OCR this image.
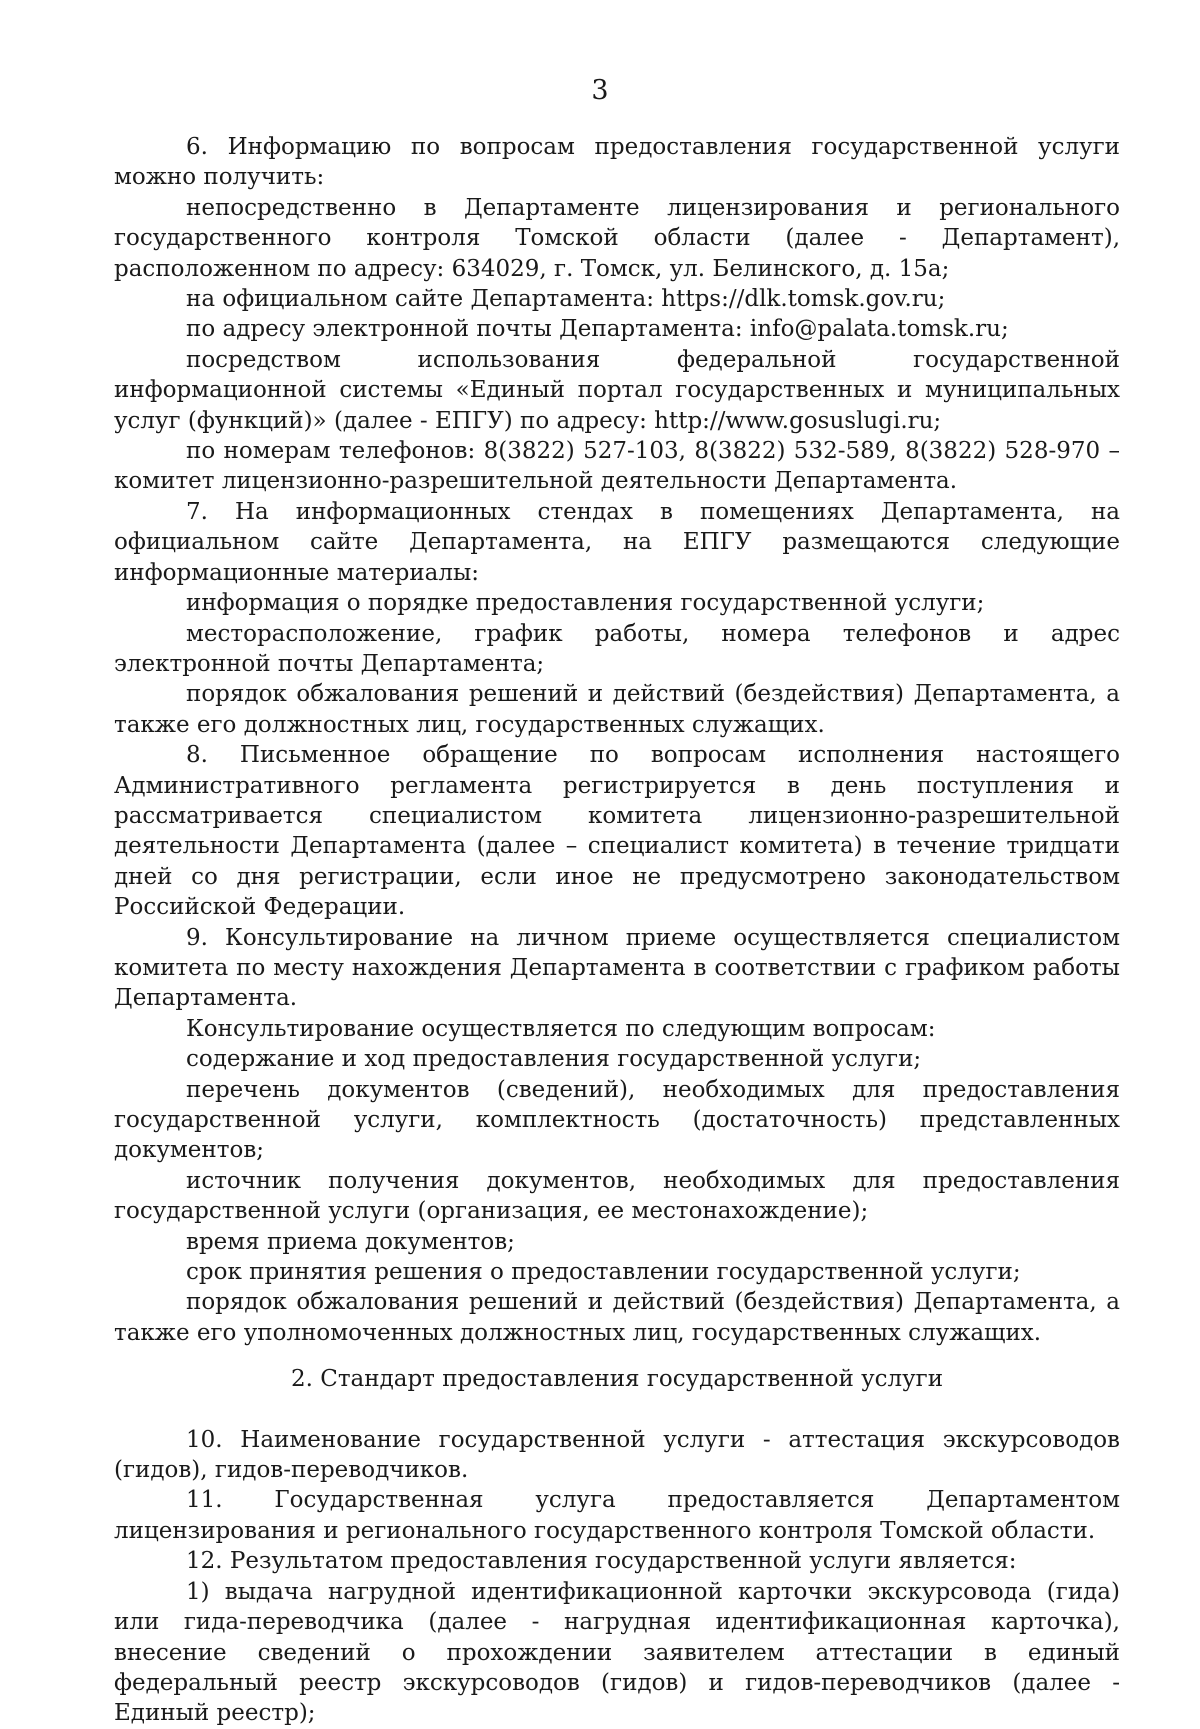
3

6. Информацию по вопросам предоставления государственной услуги можно получить:

непосредственно в Департаменте лицензирования и регионального государственного контроля Томской области (далее - Департамент), расположенном по адресу: 634029, г. Томск, ул. Белинского, д. 15а;

на официальном сайте Департамента: https://dlk.tomsk.gov.ru;

по адресу электронной почты Департамента: info@palata.tomsk.ru;

посредством использования федеральной государственной информационной системы «Единый портал государственных и муниципальных услуг (функций)» (далее - ЕПГУ) по адресу: http://www.gosuslugi.ru;

по номерам телефонов: 8(3822) 527-103, 8(3822) 532-589, 8(3822) 528-970 – комитет лицензионно-разрешительной деятельности Департамента.

7. На информационных стендах в помещениях Департамента, на официальном сайте Департамента, на ЕПГУ размещаются следующие информационные материалы:

информация о порядке предоставления государственной услуги;

месторасположение, график работы, номера телефонов и адрес электронной почты Департамента;

порядок обжалования решений и действий (бездействия) Департамента, а также его должностных лиц, государственных служащих.

8. Письменное обращение по вопросам исполнения настоящего Административного регламента регистрируется в день поступления и рассматривается специалистом комитета лицензионно-разрешительной деятельности Департамента (далее – специалист комитета) в течение тридцати дней со дня регистрации, если иное не предусмотрено законодательством Российской Федерации.

9. Консультирование на личном приеме осуществляется специалистом комитета по месту нахождения Департамента в соответствии с графиком работы Департамента.

Консультирование осуществляется по следующим вопросам:

содержание и ход предоставления государственной услуги;

перечень документов (сведений), необходимых для предоставления государственной услуги, комплектность (достаточность) представленных документов;

источник получения документов, необходимых для предоставления государственной услуги (организация, ее местонахождение);

время приема документов;

срок принятия решения о предоставлении государственной услуги;

порядок обжалования решений и действий (бездействия) Департамента, а также его уполномоченных должностных лиц, государственных служащих.

2. Стандарт предоставления государственной услуги

10. Наименование государственной услуги - аттестация экскурсоводов (гидов), гидов-переводчиков.

11. Государственная услуга предоставляется Департаментом лицензирования и регионального государственного контроля Томской области.

12. Результатом предоставления государственной услуги является:

1) выдача нагрудной идентификационной карточки экскурсовода (гида) или гида-переводчика (далее - нагрудная идентификационная карточка), внесение сведений о прохождении заявителем аттестации в единый федеральный реестр экскурсоводов (гидов) и гидов-переводчиков (далее - Единый реестр);
